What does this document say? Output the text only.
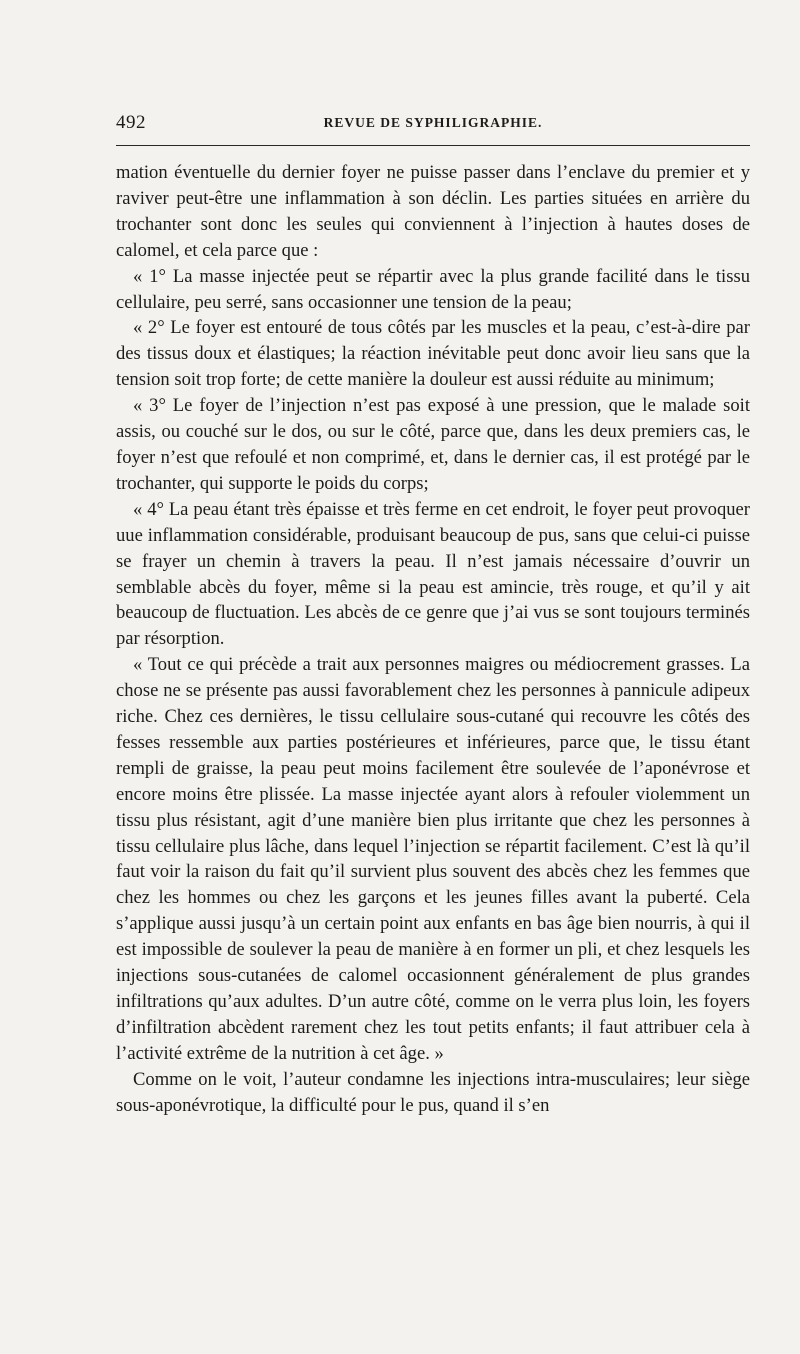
492	REVUE DE SYPHILIGRAPHIE.

mation éventuelle du dernier foyer ne puisse passer dans l’enclave du premier et y raviver peut-être une inflammation à son déclin. Les parties situées en arrière du trochanter sont donc les seules qui conviennent à l’injection à hautes doses de calomel, et cela parce que :

« 1° La masse injectée peut se répartir avec la plus grande facilité dans le tissu cellulaire, peu serré, sans occasionner une tension de la peau;

« 2° Le foyer est entouré de tous côtés par les muscles et la peau, c’est-à-dire par des tissus doux et élastiques; la réaction inévitable peut donc avoir lieu sans que la tension soit trop forte; de cette manière la douleur est aussi réduite au minimum;

« 3° Le foyer de l’injection n’est pas exposé à une pression, que le malade soit assis, ou couché sur le dos, ou sur le côté, parce que, dans les deux premiers cas, le foyer n’est que refoulé et non comprimé, et, dans le dernier cas, il est protégé par le trochanter, qui supporte le poids du corps;

« 4° La peau étant très épaisse et très ferme en cet endroit, le foyer peut provoquer uue inflammation considérable, produisant beaucoup de pus, sans que celui-ci puisse se frayer un chemin à travers la peau. Il n’est jamais nécessaire d’ouvrir un semblable abcès du foyer, même si la peau est amincie, très rouge, et qu’il y ait beaucoup de fluctuation. Les abcès de ce genre que j’ai vus se sont toujours terminés par résorption.

« Tout ce qui précède a trait aux personnes maigres ou médiocrement grasses. La chose ne se présente pas aussi favorablement chez les personnes à pannicule adipeux riche. Chez ces dernières, le tissu cellulaire sous-cutané qui recouvre les côtés des fesses ressemble aux parties postérieures et inférieures, parce que, le tissu étant rempli de graisse, la peau peut moins facilement être soulevée de l’aponévrose et encore moins être plissée. La masse injectée ayant alors à refouler violemment un tissu plus résistant, agit d’une manière bien plus irritante que chez les personnes à tissu cellulaire plus lâche, dans lequel l’injection se répartit facilement. C’est là qu’il faut voir la raison du fait qu’il survient plus souvent des abcès chez les femmes que chez les hommes ou chez les garçons et les jeunes filles avant la puberté. Cela s’applique aussi jusqu’à un certain point aux enfants en bas âge bien nourris, à qui il est impossible de soulever la peau de manière à en former un pli, et chez lesquels les injections sous-cutanées de calomel occasionnent généralement de plus grandes infiltrations qu’aux adultes. D’un autre côté, comme on le verra plus loin, les foyers d’infiltration abcèdent rarement chez les tout petits enfants; il faut attribuer cela à l’activité extrême de la nutrition à cet âge. »

Comme on le voit, l’auteur condamne les injections intra-musculaires; leur siège sous-aponévrotique, la difficulté pour le pus, quand il s’en
